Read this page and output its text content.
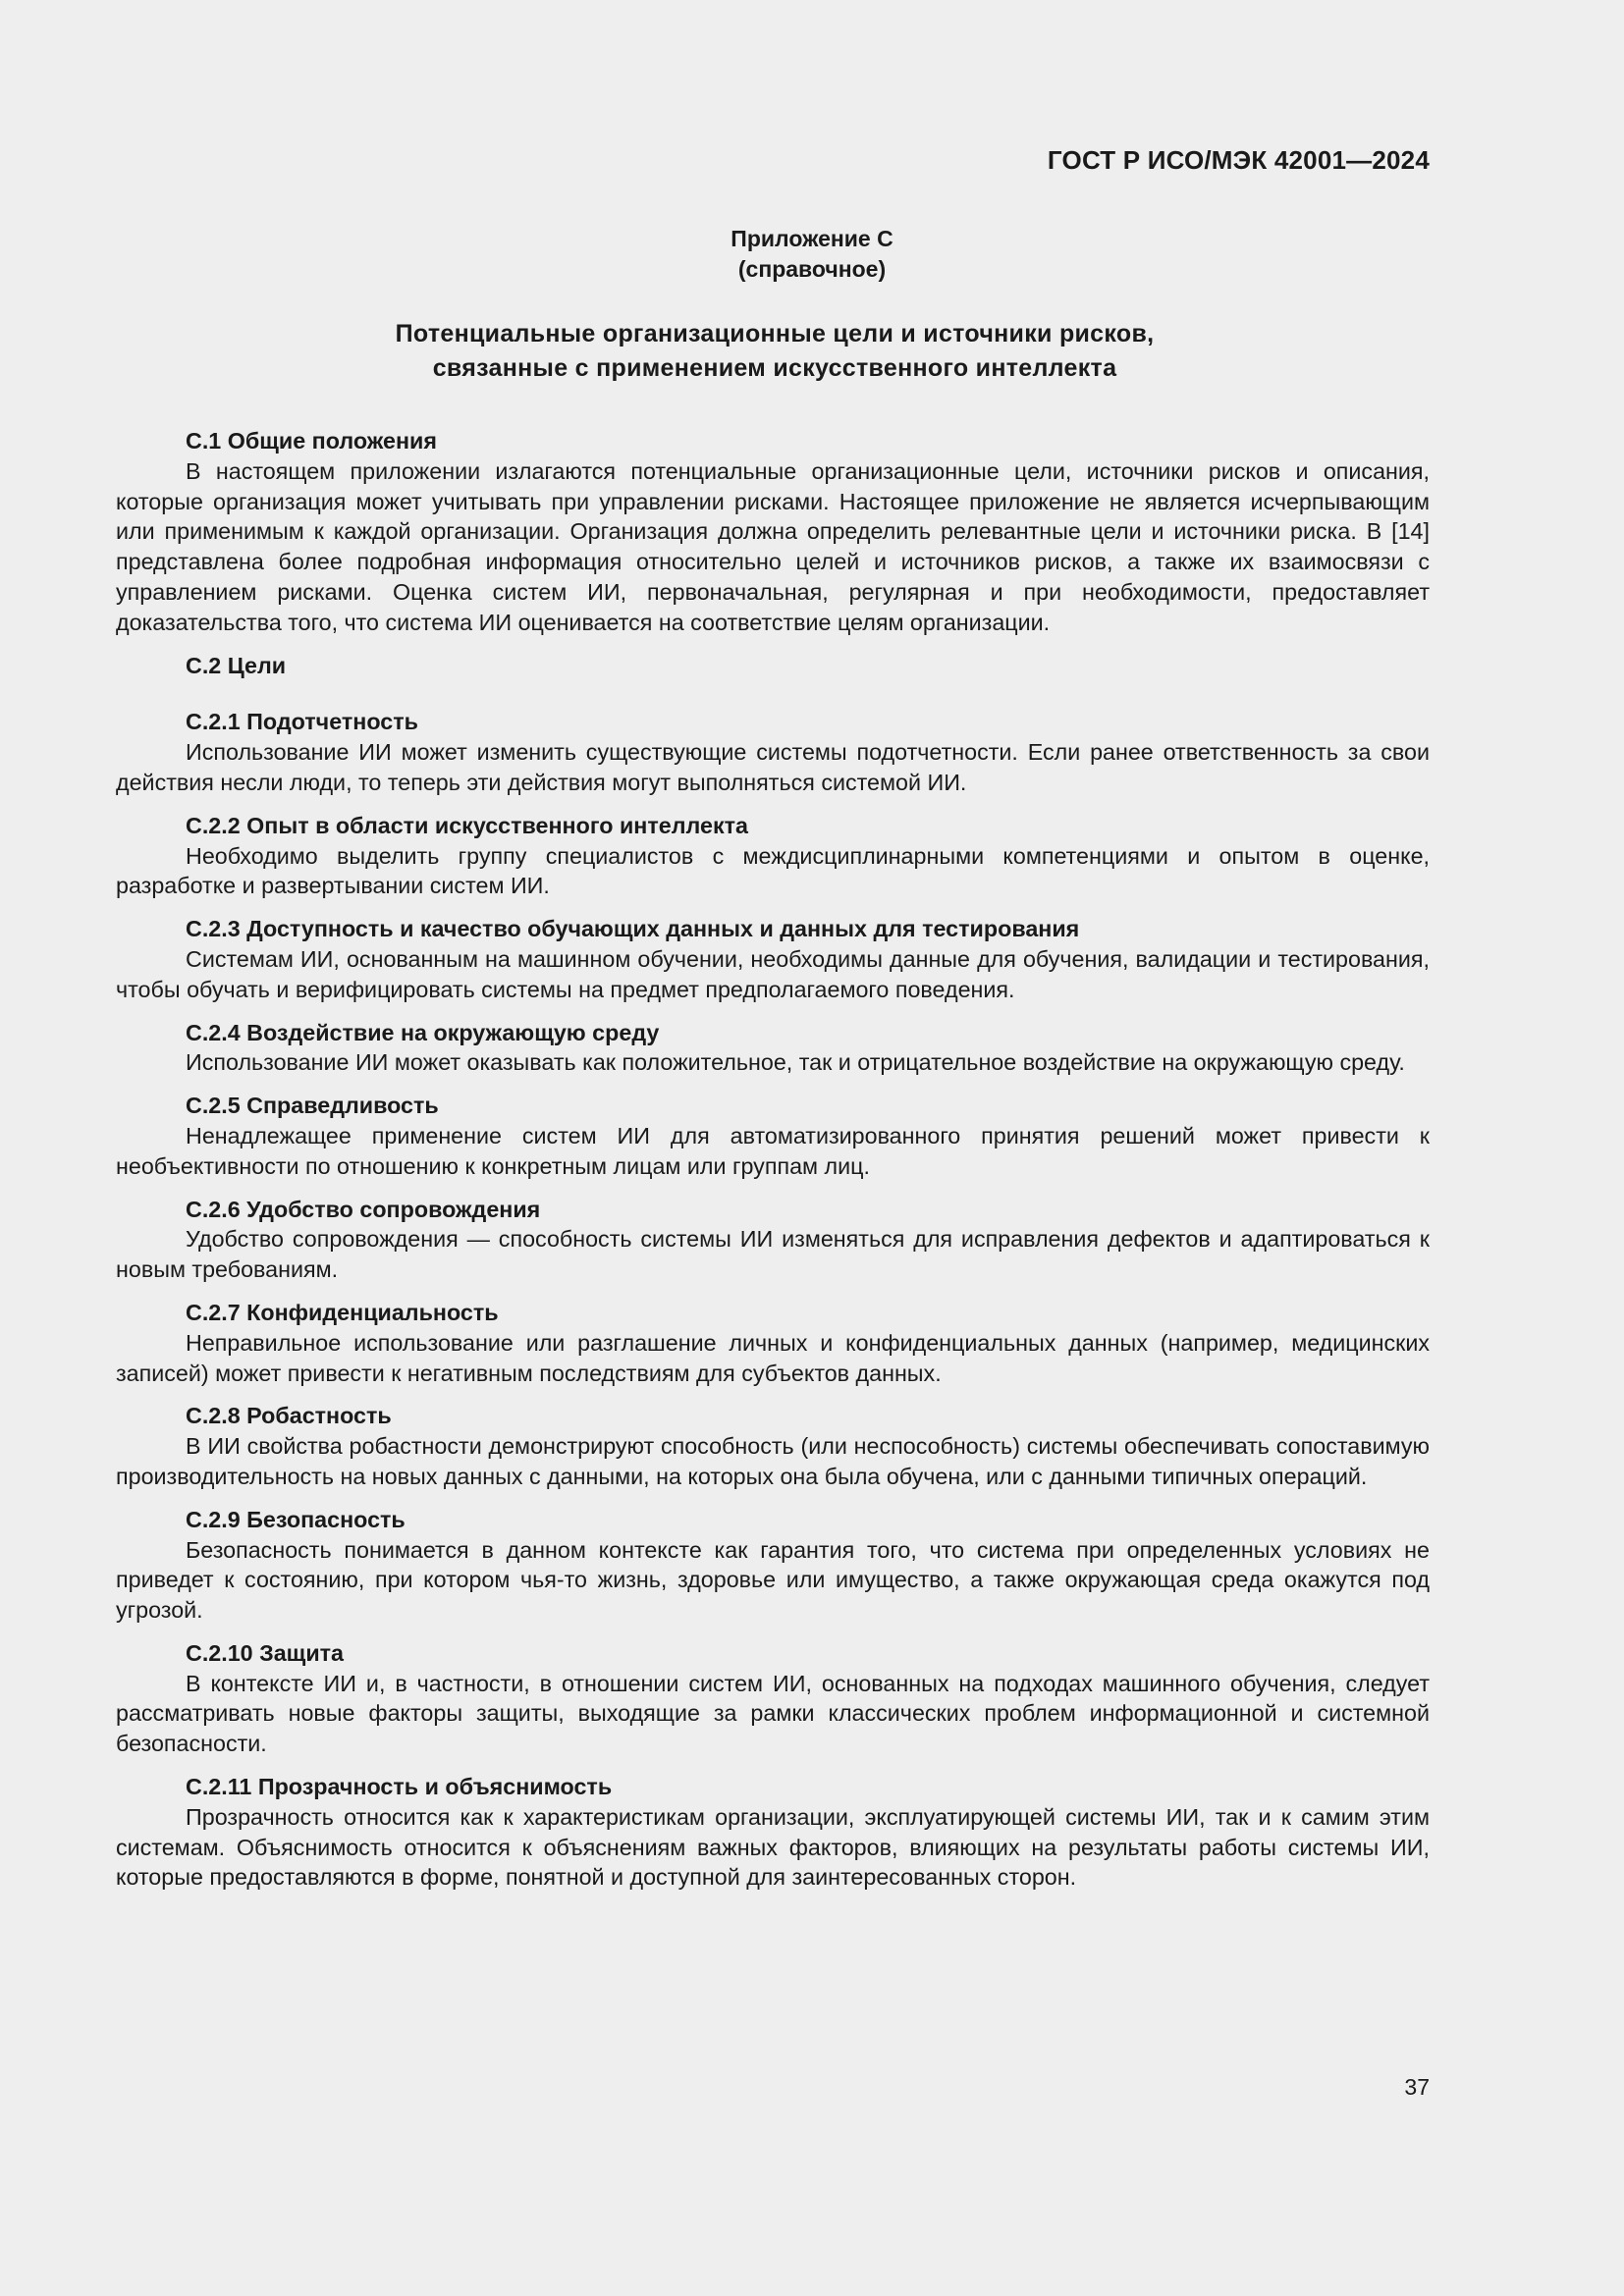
ГОСТ Р ИСО/МЭК 42001—2024
Приложение С
(справочное)
Потенциальные организационные цели и источники рисков,
связанные с применением искусственного интеллекта

С.1 Общие положения

В настоящем приложении излагаются потенциальные организационные цели, источники рисков и описания, которые организация может учитывать при управлении рисками. Настоящее приложение не является исчерпывающим или применимым к каждой организации. Организация должна определить релевантные цели и источники риска. В [14] представлена более подробная информация относительно целей и источников рисков, а также их взаимосвязи с управлением рисками. Оценка систем ИИ, первоначальная, регулярная и при необходимости, предоставляет доказательства того, что система ИИ оценивается на соответствие целям организации.

С.2 Цели

С.2.1 Подотчетность

Использование ИИ может изменить существующие системы подотчетности. Если ранее ответственность за свои действия несли люди, то теперь эти действия могут выполняться системой ИИ.

С.2.2 Опыт в области искусственного интеллекта

Необходимо выделить группу специалистов с междисциплинарными компетенциями и опытом в оценке, разработке и развертывании систем ИИ.

С.2.3 Доступность и качество обучающих данных и данных для тестирования

Системам ИИ, основанным на машинном обучении, необходимы данные для обучения, валидации и тестирования, чтобы обучать и верифицировать системы на предмет предполагаемого поведения.

С.2.4 Воздействие на окружающую среду

Использование ИИ может оказывать как положительное, так и отрицательное воздействие на окружающую среду.

С.2.5 Справедливость

Ненадлежащее применение систем ИИ для автоматизированного принятия решений может привести к необъективности по отношению к конкретным лицам или группам лиц.

С.2.6 Удобство сопровождения

Удобство сопровождения — способность системы ИИ изменяться для исправления дефектов и адаптироваться к новым требованиям.

С.2.7 Конфиденциальность

Неправильное использование или разглашение личных и конфиденциальных данных (например, медицинских записей) может привести к негативным последствиям для субъектов данных.

С.2.8 Робастность

В ИИ свойства робастности демонстрируют способность (или неспособность) системы обеспечивать сопоставимую производительность на новых данных с данными, на которых она была обучена, или с данными типичных операций.

С.2.9 Безопасность

Безопасность понимается в данном контексте как гарантия того, что система при определенных условиях не приведет к состоянию, при котором чья-то жизнь, здоровье или имущество, а также окружающая среда окажутся под угрозой.

С.2.10 Защита

В контексте ИИ и, в частности, в отношении систем ИИ, основанных на подходах машинного обучения, следует рассматривать новые факторы защиты, выходящие за рамки классических проблем информационной и системной безопасности.

С.2.11 Прозрачность и объяснимость

Прозрачность относится как к характеристикам организации, эксплуатирующей системы ИИ, так и к самим этим системам. Объяснимость относится к объяснениям важных факторов, влияющих на результаты работы системы ИИ, которые предоставляются в форме, понятной и доступной для заинтересованных сторон.

37
